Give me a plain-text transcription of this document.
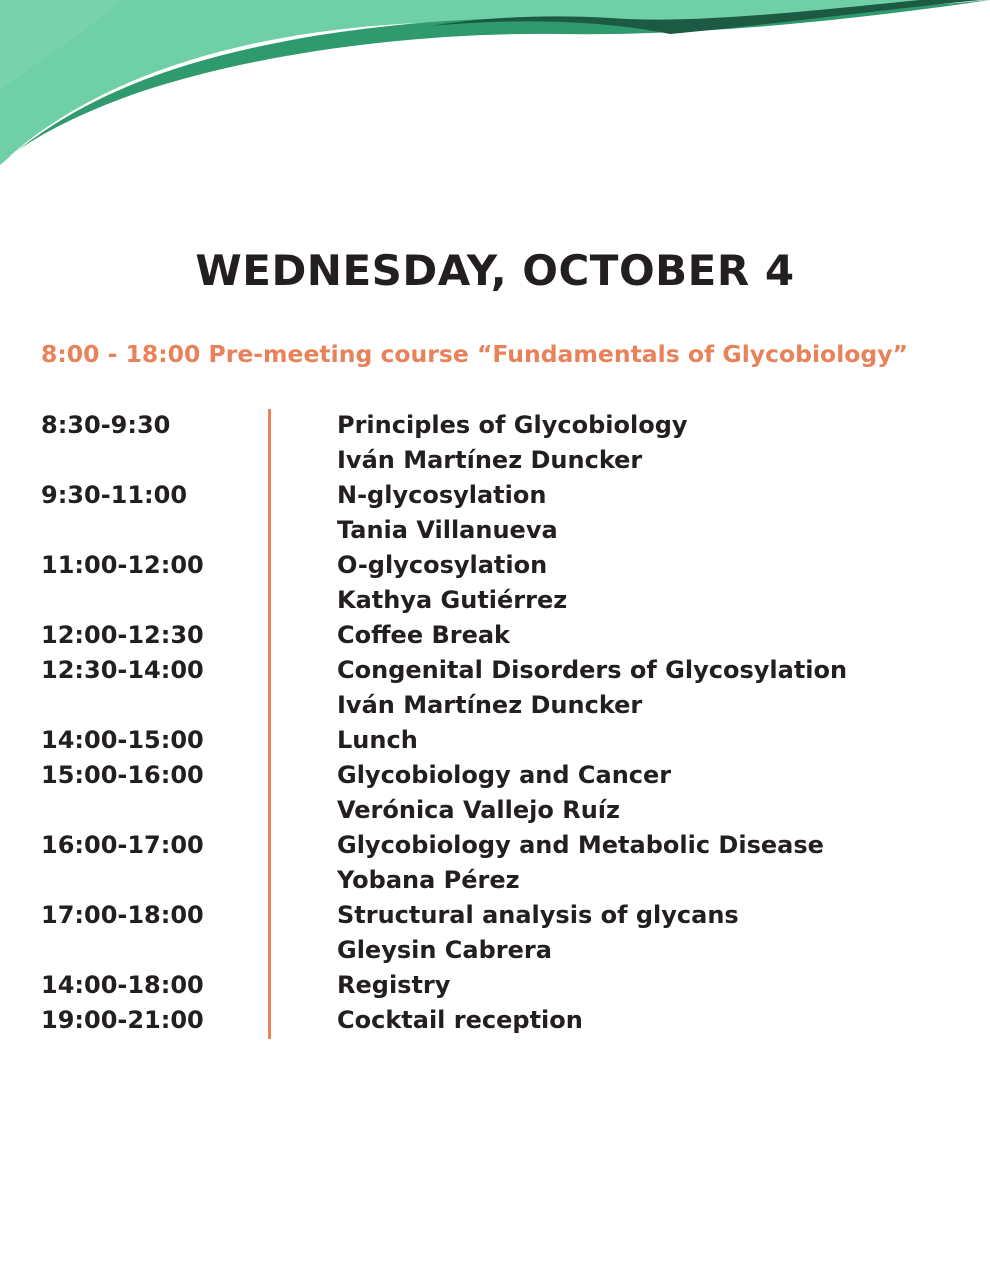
WEDNESDAY, OCTOBER 4

8:00 - 18:00 Pre-meeting course “Fundamentals of Glycobiology”

8:30-9:30	Principles of Glycobiology
Iván Martínez Duncker
9:30-11:00	N-glycosylation
Tania Villanueva
11:00-12:00	O-glycosylation
Kathya Gutiérrez
12:00-12:30	Coffee Break
12:30-14:00	Congenital Disorders of Glycosylation
Iván Martínez Duncker
14:00-15:00	Lunch
15:00-16:00	Glycobiology and Cancer
Verónica Vallejo Ruíz
16:00-17:00	Glycobiology and Metabolic Disease
Yobana Pérez
17:00-18:00	Structural analysis of glycans
Gleysin Cabrera
14:00-18:00	Registry
19:00-21:00	Cocktail reception
